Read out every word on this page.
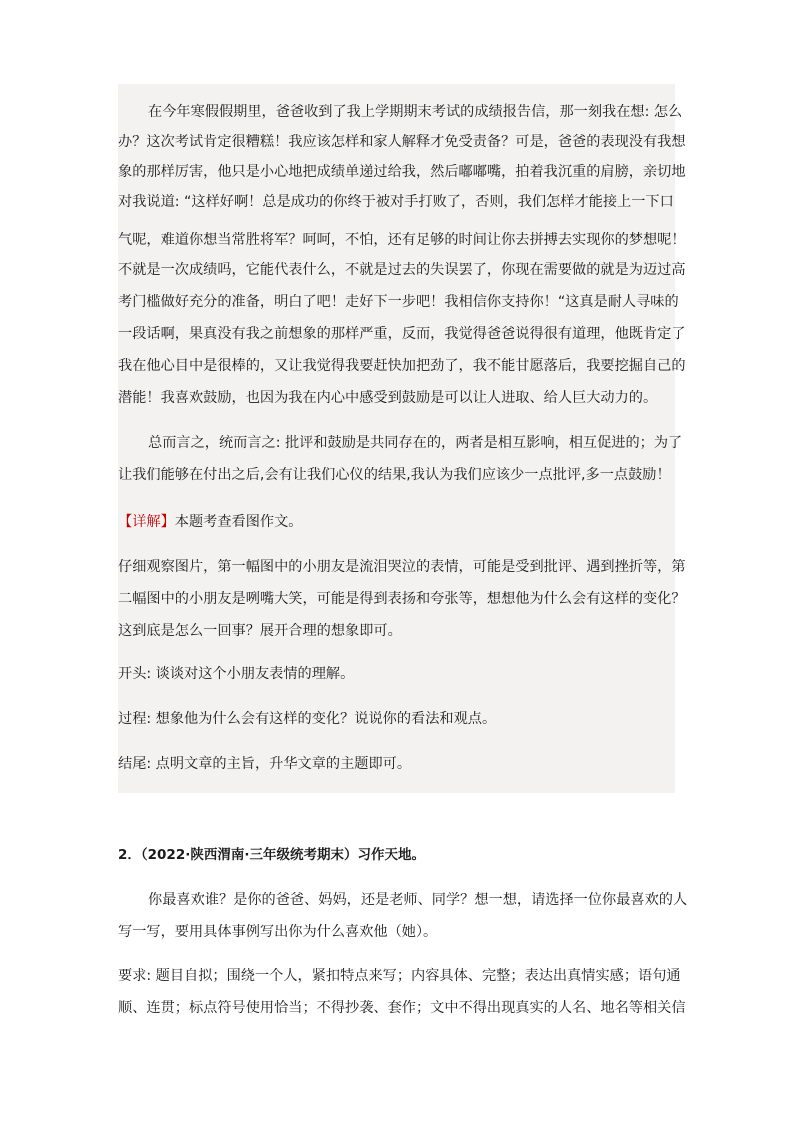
在今年寒假假期里，爸爸收到了我上学期期末考试的成绩报告信，那一刻我在想: 怎么
办？这次考试肯定很糟糕！我应该怎样和家人解释才免受责备？可是，爸爸的表现没有我想
象的那样厉害，他只是小心地把成绩单递过给我，然后嘟嘟嘴，拍着我沉重的肩膀，亲切地
对我说道: “这样好啊！总是成功的你终于被对手打败了，否则，我们怎样才能接上一下口
气呢，难道你想当常胜将军？呵呵，不怕，还有足够的时间让你去拼搏去实现你的梦想呢！
不就是一次成绩吗，它能代表什么，不就是过去的失误罢了，你现在需要做的就是为迈过高
考门槛做好充分的准备，明白了吧！走好下一步吧！我相信你支持你！“这真是耐人寻味的
一段话啊，果真没有我之前想象的那样严重，反而，我觉得爸爸说得很有道理，他既肯定了
我在他心目中是很棒的，又让我觉得我要赶快加把劲了，我不能甘愿落后，我要挖掘自己的
潜能！我喜欢鼓励，也因为我在内心中感受到鼓励是可以让人进取、给人巨大动力的。
总而言之，统而言之: 批评和鼓励是共同存在的，两者是相互影响，相互促进的；为了
让我们能够在付出之后,会有让我们心仪的结果,我认为我们应该少一点批评,多一点鼓励！
【详解】本题考查看图作文。
仔细观察图片，第一幅图中的小朋友是流泪哭泣的表情，可能是受到批评、遇到挫折等，第
二幅图中的小朋友是咧嘴大笑，可能是得到表扬和夸张等，想想他为什么会有这样的变化？
这到底是怎么一回事？展开合理的想象即可。
开头: 谈谈对这个小朋友表情的理解。
过程: 想象他为什么会有这样的变化？说说你的看法和观点。
结尾: 点明文章的主旨，升华文章的主题即可。
2．（2022·陕西渭南·三年级统考期末）习作天地。
你最喜欢谁？是你的爸爸、妈妈，还是老师、同学？想一想，请选择一位你最喜欢的人
写一写，要用具体事例写出你为什么喜欢他（她）。
要求: 题目自拟；围绕一个人，紧扣特点来写；内容具体、完整；表达出真情实感；语句通
顺、连贯；标点符号使用恰当；不得抄袭、套作；文中不得出现真实的人名、地名等相关信
